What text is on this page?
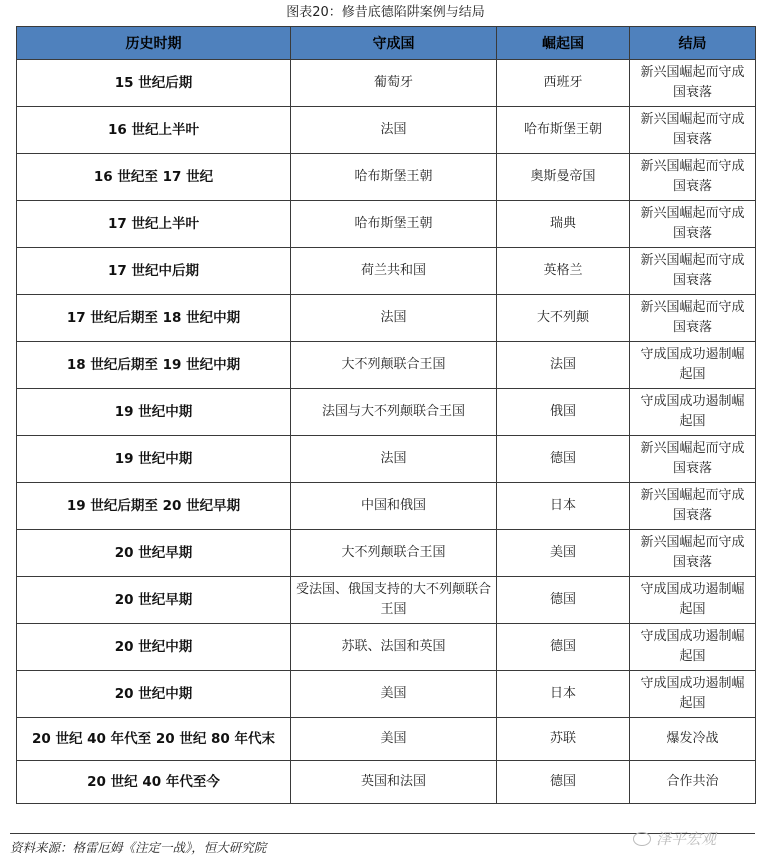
图表20：修昔底德陷阱案例与结局
历史时期	守成国	崛起国	结局
15 世纪后期	葡萄牙	西班牙	新兴国崛起而守成国衰落
16 世纪上半叶	法国	哈布斯堡王朝	新兴国崛起而守成国衰落
16 世纪至 17 世纪	哈布斯堡王朝	奥斯曼帝国	新兴国崛起而守成国衰落
17 世纪上半叶	哈布斯堡王朝	瑞典	新兴国崛起而守成国衰落
17 世纪中后期	荷兰共和国	英格兰	新兴国崛起而守成国衰落
17 世纪后期至 18 世纪中期	法国	大不列颠	新兴国崛起而守成国衰落
18 世纪后期至 19 世纪中期	大不列颠联合王国	法国	守成国成功遏制崛起国
19 世纪中期	法国与大不列颠联合王国	俄国	守成国成功遏制崛起国
19 世纪中期	法国	德国	新兴国崛起而守成国衰落
19 世纪后期至 20 世纪早期	中国和俄国	日本	新兴国崛起而守成国衰落
20 世纪早期	大不列颠联合王国	美国	新兴国崛起而守成国衰落
20 世纪早期	受法国、俄国支持的大不列颠联合王国	德国	守成国成功遏制崛起国
20 世纪中期	苏联、法国和英国	德国	守成国成功遏制崛起国
20 世纪中期	美国	日本	守成国成功遏制崛起国
20 世纪 40 年代至 20 世纪 80 年代末	美国	苏联	爆发冷战
20 世纪 40 年代至今	英国和法国	德国	合作共治
资料来源：格雷厄姆《注定一战》，恒大研究院	泽平宏观
